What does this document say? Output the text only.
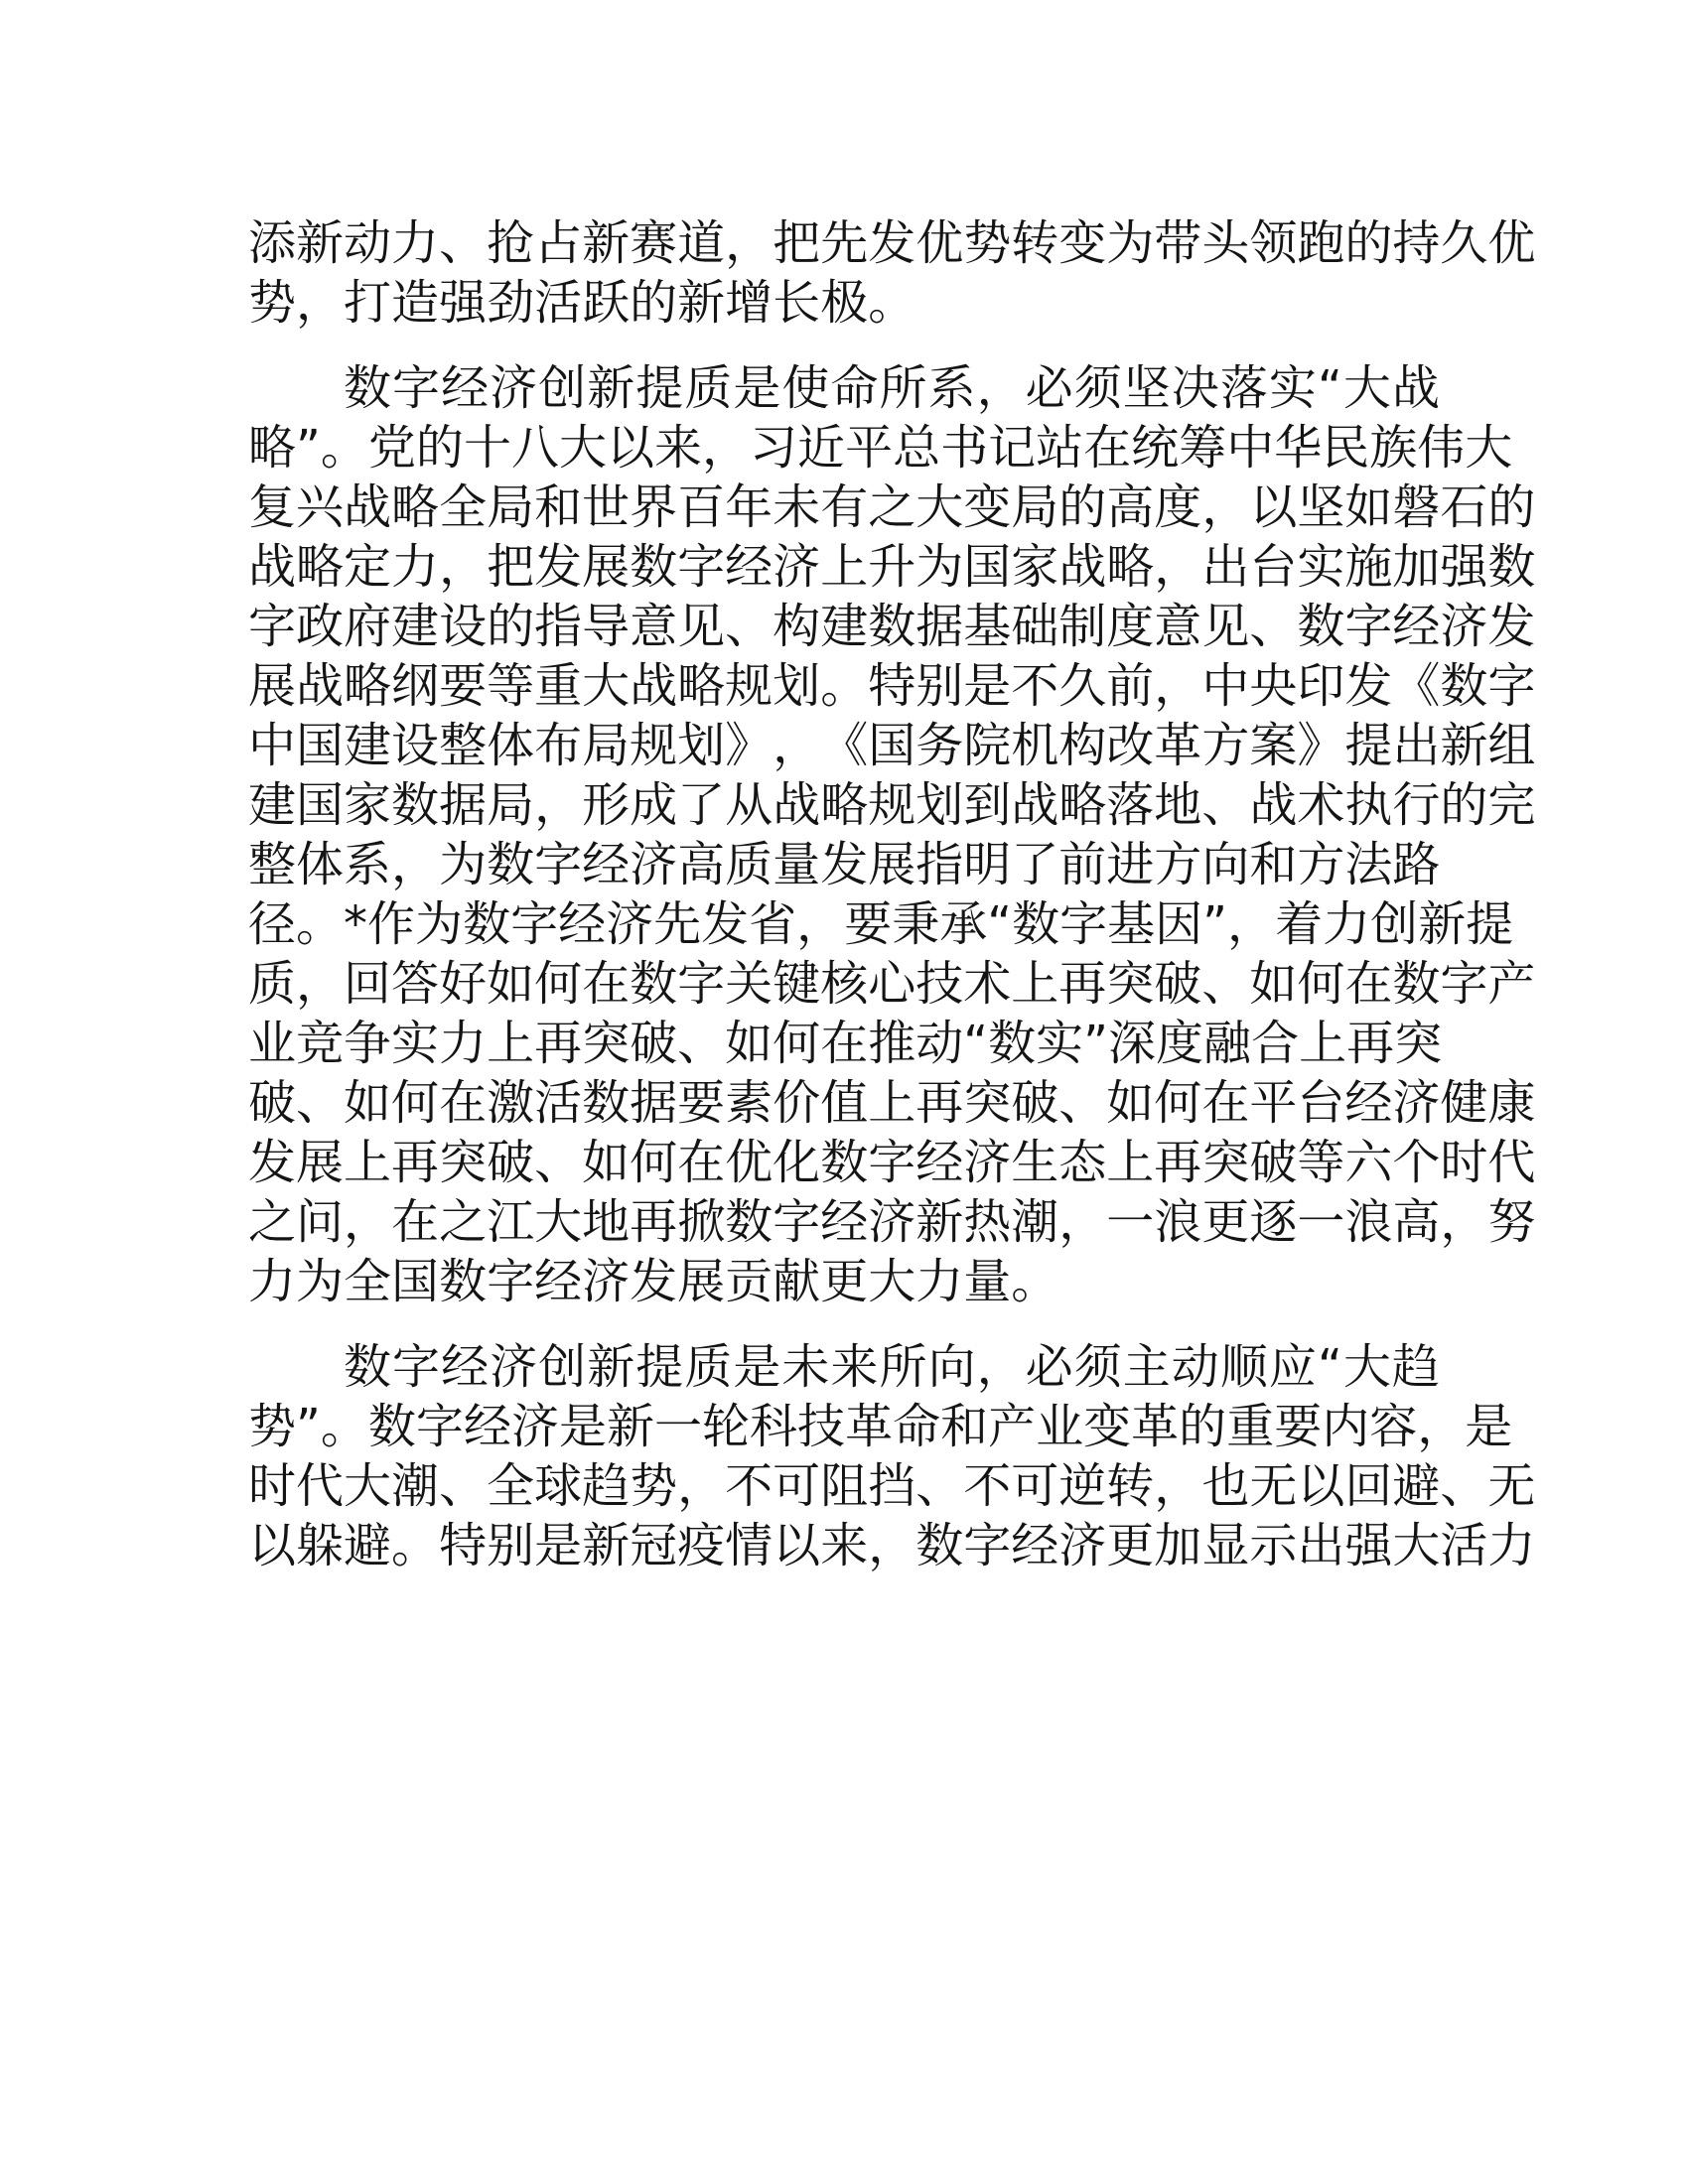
添 新 动 力 、 抢 占 新 赛 道 ， 把 先 发 优 势 转 变 为 带 头 领 跑 的 持 久 优
势 ， 打 造 强 劲 活 跃 的 新 增 长 极 。
数 字 经 济 创 新 提 质 是 使 命 所 系 ， 必 须 坚 决 落 实 “ 大 战
略 ” 。 党 的 十 八 大 以 来 ， 习 近 平 总 书 记 站 在 统 筹 中 华 民 族 伟 大
复 兴 战 略 全 局 和 世 界 百 年 未 有 之 大 变 局 的 高 度 ， 以 坚 如 磐 石 的
战 略 定 力 ， 把 发 展 数 字 经 济 上 升 为 国 家 战 略 ， 出 台 实 施 加 强 数
字 政 府 建 设 的 指 导 意 见 、 构 建 数 据 基 础 制 度 意 见 、 数 字 经 济 发
展 战 略 纲 要 等 重 大 战 略 规 划 。 特 别 是 不 久 前 ， 中 央 印 发 《 数 字
中 国 建 设 整 体 布 局 规 划 》 ， 《 国 务 院 机 构 改 革 方 案 》 提 出 新 组
建 国 家 数 据 局 ， 形 成 了 从 战 略 规 划 到 战 略 落 地 、 战 术 执 行 的 完
整 体 系 ， 为 数 字 经 济 高 质 量 发 展 指 明 了 前 进 方 向 和 方 法 路
径 。 * 作 为 数 字 经 济 先 发 省 ， 要 秉 承 “ 数 字 基 因 ” ， 着 力 创 新 提
质 ， 回 答 好 如 何 在 数 字 关 键 核 心 技 术 上 再 突 破 、 如 何 在 数 字 产
业 竞 争 实 力 上 再 突 破 、 如 何 在 推 动 “ 数 实 ” 深 度 融 合 上 再 突
破 、 如 何 在 激 活 数 据 要 素 价 值 上 再 突 破 、 如 何 在 平 台 经 济 健 康
发 展 上 再 突 破 、 如 何 在 优 化 数 字 经 济 生 态 上 再 突 破 等 六 个 时 代
之 问 ， 在 之 江 大 地 再 掀 数 字 经 济 新 热 潮 ， 一 浪 更 逐 一 浪 高 ， 努
力 为 全 国 数 字 经 济 发 展 贡 献 更 大 力 量 。
数 字 经 济 创 新 提 质 是 未 来 所 向 ， 必 须 主 动 顺 应 “ 大 趋
势 ” 。 数 字 经 济 是 新 一 轮 科 技 革 命 和 产 业 变 革 的 重 要 内 容 ， 是
时 代 大 潮 、 全 球 趋 势 ， 不 可 阻 挡 、 不 可 逆 转 ， 也 无 以 回 避 、 无
以 躲 避 。 特 别 是 新 冠 疫 情 以 来 ， 数 字 经 济 更 加 显 示 出 强 大 活 力
